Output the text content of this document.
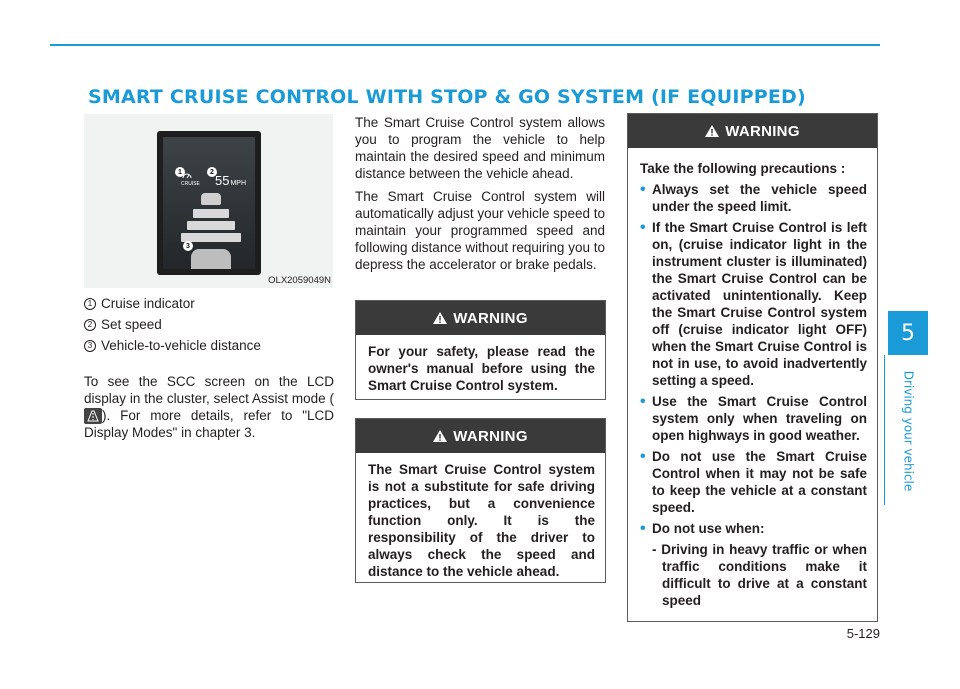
SMART CRUISE CONTROL WITH STOP & GO SYSTEM (IF EQUIPPED)
5
Driving your vehicle
1	2
CRUISE 55MPH
3
OLX2059049N
1 Cruise indicator
2 Set speed
3 Vehicle-to-vehicle distance

To see the SCC screen on the LCD display in the cluster, select Assist mode (
). For more details, refer to "LCD Display Modes" in chapter 3.

The Smart Cruise Control system allows you to program the vehicle to help maintain the desired speed and minimum distance between the vehicle ahead.

The Smart Cruise Control system will automatically adjust your vehicle speed to maintain your programmed speed and following distance without requiring you to depress the accelerator or brake pedals.

WARNING
For your safety, please read the owner's manual before using the Smart Cruise Control system.
WARNING
The Smart Cruise Control system is not a substitute for safe driving practices, but a convenience function only. It is the responsibility of the driver to always check the speed and distance to the vehicle ahead.
WARNING
Take the following precautions :
• Always set the vehicle speed under the speed limit.
• If the Smart Cruise Control is left on, (cruise indicator light in the instrument cluster is illuminated) the Smart Cruise Control can be activated unintentionally. Keep the Smart Cruise Control system off (cruise indicator light OFF) when the Smart Cruise Control is not in use, to avoid inadvertently setting a speed.
• Use the Smart Cruise Control system only when traveling on open highways in good weather.
• Do not use the Smart Cruise Control when it may not be safe to keep the vehicle at a constant speed.
• Do not use when:
- Driving in heavy traffic or when traffic conditions make it difficult to drive at a constant speed
5-129
